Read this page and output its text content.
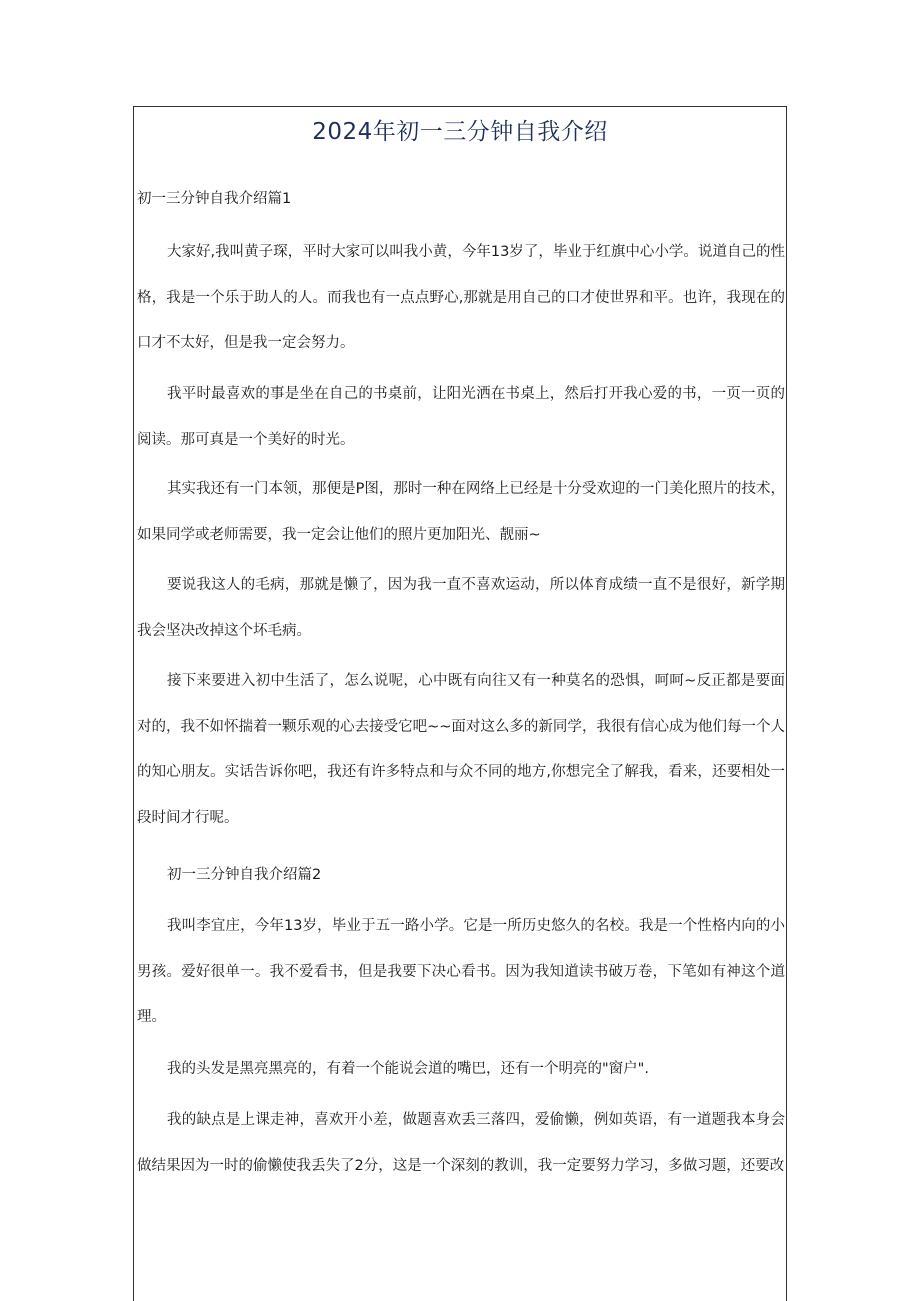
2024年初一三分钟自我介绍
初一三分钟自我介绍篇1
大家好,我叫黄子琛，平时大家可以叫我小黄，今年13岁了，毕业于红旗中心小学。说道自己的性格，我是一个乐于助人的人。而我也有一点点野心,那就是用自己的口才使世界和平。也许，我现在的口才不太好，但是我一定会努力。
我平时最喜欢的事是坐在自己的书桌前，让阳光洒在书桌上，然后打开我心爱的书，一页一页的阅读。那可真是一个美好的时光。
其实我还有一门本领，那便是P图，那时一种在网络上已经是十分受欢迎的一门美化照片的技术，如果同学或老师需要，我一定会让他们的照片更加阳光、靓丽~
要说我这人的毛病，那就是懒了，因为我一直不喜欢运动，所以体育成绩一直不是很好，新学期我会坚决改掉这个坏毛病。
接下来要进入初中生活了，怎么说呢，心中既有向往又有一种莫名的恐惧，呵呵~反正都是要面对的，我不如怀揣着一颗乐观的心去接受它吧~~面对这么多的新同学，我很有信心成为他们每一个人的知心朋友。实话告诉你吧，我还有许多特点和与众不同的地方,你想完全了解我，看来，还要相处一段时间才行呢。
初一三分钟自我介绍篇2
我叫李宜庄，今年13岁，毕业于五一路小学。它是一所历史悠久的名校。我是一个性格内向的小男孩。爱好很单一。我不爱看书，但是我要下决心看书。因为我知道读书破万卷，下笔如有神这个道理。
我的头发是黑亮黑亮的，有着一个能说会道的嘴巴，还有一个明亮的"窗户".
我的缺点是上课走神，喜欢开小差，做题喜欢丢三落四，爱偷懒，例如英语，有一道题我本身会做结果因为一时的偷懒使我丢失了2分，这是一个深刻的教训，我一定要努力学习，多做习题，还要改
